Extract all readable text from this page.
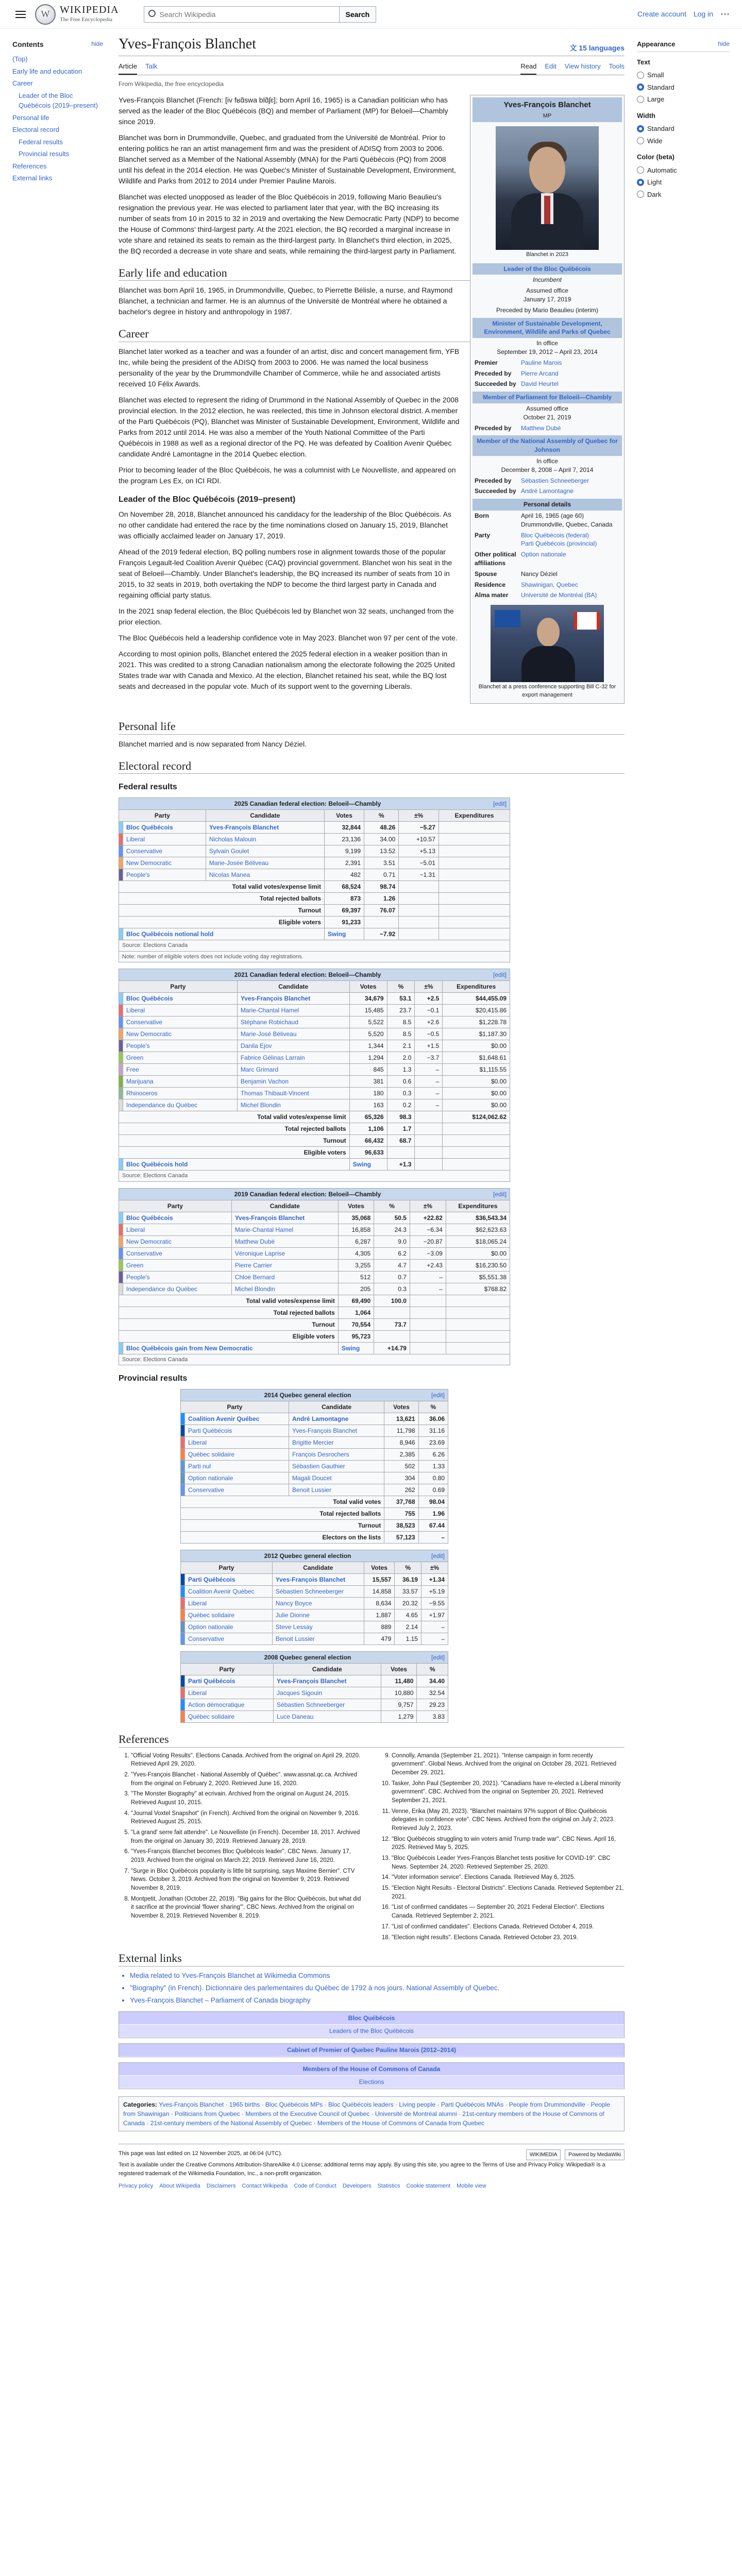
W WIKIPEDIA
The Free Encyclopedia
Search Wikipedia
Search	Create account Log in ⋯
Contents	hide
(Top)
Early life and education
Career
Leader of the Bloc Québécois (2019–present)
Personal life
Electoral record
Federal results
Provincial results
References
External links
Yves-François Blanchet	文 15 languages
Article Talk	Read Edit View history Tools
From Wikipedia, the free encyclopedia
Yves-François Blanchet
MP
Blanchet in 2023
Leader of the Bloc Québécois
Incumbent
Assumed office
January 17, 2019
Preceded by Mario Beaulieu (interim)
Minister of Sustainable Development, Environment, Wildlife and Parks of Quebec
In office
September 19, 2012 – April 23, 2014
Premier	Pauline Marois
Preceded by	Pierre Arcand
Succeeded by David Heurtel
Member of Parliament for Beloeil—Chambly
Assumed office
October 21, 2019
Preceded by	Matthew Dubé
Member of the National Assembly of Quebec for Johnson
In office
December 8, 2008 – April 7, 2014
Preceded by	Sébastien Schneeberger
Succeeded by André Lamontagne
Personal details
Born	April 16, 1965 (age 60)
Drummondville, Quebec, Canada
Party	Bloc Québécois (federal)
Parti Québécois (provincial)
Other political affiliations
Option nationale
Spouse	Nancy Déziel
Residence	Shawinigan, Quebec
Alma mater	Université de Montréal (BA)
Blanchet at a press conference supporting Bill C-32 for export management

Yves-François Blanchet (French: [iv fʁɑ̃swa blɑ̃ʃɛ]; born April 16, 1965) is a Canadian politician who has served as the leader of the Bloc Québécois (BQ) and member of Parliament (MP) for Beloeil—Chambly since 2019.

Blanchet was born in Drummondville, Quebec, and graduated from the Université de Montréal. Prior to entering politics he ran an artist management firm and was the president of ADISQ from 2003 to 2006. Blanchet served as a Member of the National Assembly (MNA) for the Parti Québécois (PQ) from 2008 until his defeat in the 2014 election. He was Quebec's Minister of Sustainable Development, Environment, Wildlife and Parks from 2012 to 2014 under Premier Pauline Marois.

Blanchet was elected unopposed as leader of the Bloc Québécois in 2019, following Mario Beaulieu's resignation the previous year. He was elected to parliament later that year, with the BQ increasing its number of seats from 10 in 2015 to 32 in 2019 and overtaking the New Democratic Party (NDP) to become the House of Commons' third-largest party. At the 2021 election, the BQ recorded a marginal increase in vote share and retained its seats to remain as the third-largest party. In Blanchet's third election, in 2025, the BQ recorded a decrease in vote share and seats, while remaining the third-largest party in Parliament.

Early life and education

Blanchet was born April 16, 1965, in Drummondville, Quebec, to Pierrette Bélisle, a nurse, and Raymond Blanchet, a technician and farmer. He is an alumnus of the Université de Montréal where he obtained a bachelor's degree in history and anthropology in 1987.

Career

Blanchet later worked as a teacher and was a founder of an artist, disc and concert management firm, YFB Inc, while being the president of the ADISQ from 2003 to 2006. He was named the local business personality of the year by the Drummondville Chamber of Commerce, while he and associated artists received 10 Félix Awards.

Blanchet was elected to represent the riding of Drummond in the National Assembly of Quebec in the 2008 provincial election. In the 2012 election, he was reelected, this time in Johnson electoral district. A member of the Parti Québécois (PQ), Blanchet was Minister of Sustainable Development, Environment, Wildlife and Parks from 2012 until 2014. He was also a member of the Youth National Committee of the Parti Québécois in 1988 as well as a regional director of the PQ. He was defeated by Coalition Avenir Québec candidate André Lamontagne in the 2014 Quebec election.

Prior to becoming leader of the Bloc Québécois, he was a columnist with Le Nouvelliste, and appeared on the program Les Ex, on ICI RDI.

Leader of the Bloc Québécois (2019–present)

On November 28, 2018, Blanchet announced his candidacy for the leadership of the Bloc Québécois. As no other candidate had entered the race by the time nominations closed on January 15, 2019, Blanchet was officially acclaimed leader on January 17, 2019.

Ahead of the 2019 federal election, BQ polling numbers rose in alignment towards those of the popular François Legault-led Coalition Avenir Québec (CAQ) provincial government. Blanchet won his seat in the seat of Beloeil—Chambly. Under Blanchet's leadership, the BQ increased its number of seats from 10 in 2015, to 32 seats in 2019, both overtaking the NDP to become the third largest party in Canada and regaining official party status.

In the 2021 snap federal election, the Bloc Québécois led by Blanchet won 32 seats, unchanged from the prior election.

The Bloc Québécois held a leadership confidence vote in May 2023. Blanchet won 97 per cent of the vote.

According to most opinion polls, Blanchet entered the 2025 federal election in a weaker position than in 2021. This was credited to a strong Canadian nationalism among the electorate following the 2025 United States trade war with Canada and Mexico. At the election, Blanchet retained his seat, while the BQ lost seats and decreased in the popular vote. Much of its support went to the governing Liberals.

Personal life

Blanchet married and is now separated from Nancy Déziel.

Electoral record
Federal results
2025 Canadian federal election: Beloeil—Chambly [edit]						

Party		Candidate	Votes	%	±%	Expenditures
	Bloc Québécois	Yves-François Blanchet	32,844	48.26	−5.27	
	Liberal	Nicholas Malouin	23,136	34.00	+10.57	
	Conservative	Sylvain Goulet	9,199	13.52	+5.13	
	New Democratic	Marie-Josée Béliveau	2,391	3.51	−5.01	
	People's	Nicolas Manea	482	0.71	−1.31	
Total valid votes/expense limit			68,524	98.74		
Total rejected ballots			873	1.26		
Turnout			69,397	76.07		
Eligible voters			91,233			
	Bloc Québécois notional hold		Swing	−7.92		
Source: Elections Canada						
Note: number of eligible voters does not include voting day registrations.						
2021 Canadian federal election: Beloeil—Chambly [edit]						

Party		Candidate	Votes	%	±%	Expenditures
	Bloc Québécois	Yves-François Blanchet	34,679	53.1	+2.5	$44,455.09
	Liberal	Marie-Chantal Hamel	15,485	23.7	−0.1	$20,415.86
	Conservative	Stéphane Robichaud	5,522	8.5	+2.6	$1,228.78
	New Democratic	Marie-José Béliveau	5,520	8.5	−0.5	$1,187.30
	People's	Danila Ejov	1,344	2.1	+1.5	$0.00
	Green	Fabrice Gélinas Larrain	1,294	2.0	−3.7	$1,648.61
	Free	Marc Grimard	845	1.3	–	$1,115.55
	Marijuana	Benjamin Vachon	381	0.6	–	$0.00
	Rhinoceros	Thomas Thibault-Vincent	180	0.3	–	$0.00
	Independance du Québec	Michel Blondin	163	0.2	–	$0.00
Total valid votes/expense limit			65,326	98.3		$124,062.62
Total rejected ballots			1,106	1.7		
Turnout			66,432	68.7		
Eligible voters			96,633			
	Bloc Québécois hold		Swing	+1.3		
Source: Elections Canada						
2019 Canadian federal election: Beloeil—Chambly [edit]						

Party		Candidate	Votes	%	±%	Expenditures
	Bloc Québécois	Yves-François Blanchet	35,068	50.5	+22.82	$36,543.34
	Liberal	Marie-Chantal Hamel	16,858	24.3	−6.34	$62,623.63
	New Democratic	Matthew Dubé	6,287	9.0	−20.87	$18,065.24
	Conservative	Véronique Laprise	4,305	6.2	−3.09	$0.00
	Green	Pierre Carrier	3,255	4.7	+2.43	$16,230.50
	People's	Chloé Bernard	512	0.7	–	$5,551.38
	Independance du Québec	Michel Blondin	205	0.3	–	$768.82
Total valid votes/expense limit			69,490	100.0		
Total rejected ballots			1,064			
Turnout			70,554	73.7		
Eligible voters			95,723			
	Bloc Québécois gain from New Democratic		Swing	+14.79		
Source: Elections Canada						
Provincial results
2014 Quebec general election [edit]				

Party		Candidate	Votes	%
	Coalition Avenir Québec	André Lamontagne	13,621	36.06
	Parti Québécois	Yves-François Blanchet	11,798	31.16
	Liberal	Brigitte Mercier	8,946	23.69
	Québec solidaire	François Desrochers	2,385	6.26
	Parti nul	Sébastien Gauthier	502	1.33
	Option nationale	Magali Doucet	304	0.80
	Conservative	Benoit Lussier	262	0.69
Total valid votes			37,768	98.04
Total rejected ballots			755	1.96
Turnout			38,523	67.44
Electors on the lists			57,123	–
2012 Quebec general election [edit]					

Party		Candidate	Votes	%	±%
	Parti Québécois	Yves-François Blanchet	15,557	36.19	+1.34
	Coalition Avenir Québec	Sébastien Schneeberger	14,858	33.57	+5.19
	Liberal	Nancy Boyce	8,634	20.32	−9.55
	Québec solidaire	Julie Dionne	1,887	4.65	+1.97
	Option nationale	Steve Lessay	889	2.14	–
	Conservative	Benoit Lussier	479	1.15	–
2008 Quebec general election [edit]				

Party		Candidate	Votes	%
	Parti Québécois	Yves-François Blanchet	11,480	34.40
	Liberal	Jacques Sigouin	10,880	32.54
	Action démocratique	Sébastien Schneeberger	9,757	29.23
	Québec solidaire	Luce Daneau	1,279	3.83
References
1. "Official Voting Results". Elections Canada. Archived from the original on April 29, 2020. Retrieved April 29, 2020.
2. "Yves-François Blanchet - National Assembly of Québec". www.assnat.qc.ca. Archived from the original on February 2, 2020. Retrieved June 16, 2020.
3. "The Monster Biography" at ecrivain. Archived from the original on August 24, 2015. Retrieved August 10, 2015.
4. "Journal Voxtel Snapshot" (in French). Archived from the original on November 9, 2016. Retrieved August 25, 2015.
5. "La grand' serre fait attendre". Le Nouvelliste (in French). December 18, 2017. Archived from the original on January 30, 2019. Retrieved January 28, 2019.
6. "Yves-François Blanchet becomes Bloc Québécois leader". CBC News. January 17, 2019. Archived from the original on March 22, 2019. Retrieved June 16, 2020.
7. "Surge in Bloc Québécois popularity is little bit surprising, says Maxime Bernier". CTV News. October 3, 2019. Archived from the original on November 9, 2019. Retrieved November 8, 2019.
8. Montpetit, Jonathan (October 22, 2019). "Big gains for the Bloc Québécois, but what did it sacrifice at the provincial 'flower sharing'". CBC News. Archived from the original on November 8, 2019. Retrieved November 8, 2019.
9. Connolly, Amanda (September 21, 2021). "Intense campaign in form recently government". Global News. Archived from the original on October 28, 2021. Retrieved December 29, 2021.
10. Tasker, John Paul (September 20, 2021). "Canadians have re-elected a Liberal minority government". CBC. Archived from the original on September 20, 2021. Retrieved September 21, 2021.
11. Venne, Erika (May 20, 2023). "Blanchet maintains 97% support of Bloc Québécois delegates in confidence vote". CBC News. Archived from the original on July 2, 2023. Retrieved July 2, 2023.
12. "Bloc Québécois struggling to win voters amid Trump trade war". CBC News. April 16, 2025. Retrieved May 5, 2025.
13. "Bloc Québécois Leader Yves-François Blanchet tests positive for COVID-19". CBC News. September 24, 2020. Retrieved September 25, 2020.
14. "Voter information service". Elections Canada. Retrieved May 6, 2025.
15. "Election Night Results - Electoral Districts". Elections Canada. Retrieved September 21, 2021.
16. "List of confirmed candidates — September 20, 2021 Federal Election". Elections Canada. Retrieved September 2, 2021.
17. "List of confirmed candidates". Elections Canada. Retrieved October 4, 2019.
18. "Election night results". Elections Canada. Retrieved October 23, 2019.
External links
• Media related to Yves-François Blanchet at Wikimedia Commons
• "Biography" (in French). Dictionnaire des parlementaires du Québec de 1792 à nos jours. National Assembly of Quebec.
• Yves-François Blanchet – Parliament of Canada biography
Bloc Québécois
Leaders of the Bloc Québécois
Cabinet of Premier of Quebec Pauline Marois (2012–2014)
Members of the House of Commons of Canada
Elections
Categories: Yves-François Blanchet · 1965 births · Bloc Québécois MPs · Bloc Québécois leaders · Living people · Parti Québécois MNAs · People from Drummondville · People from Shawinigan · Politicians from Quebec · Members of the Executive Council of Quebec · Université de Montréal alumni · 21st-century members of the House of Commons of Canada · 21st-century members of the National Assembly of Quebec · Members of the House of Commons of Canada from Quebec
WIKIMEDIA	Powered by MediaWiki
This page was last edited on 12 November 2025, at 06:04 (UTC).
Text is available under the Creative Commons Attribution-ShareAlike 4.0 License; additional terms may apply. By using this site, you agree to the Terms of Use and Privacy Policy. Wikipedia® is a registered trademark of the Wikimedia Foundation, Inc., a non-profit organization.
Privacy policy About Wikipedia Disclaimers Contact Wikipedia Code of Conduct Developers Statistics Cookie statement Mobile view
Appearance	hide
Text
Small
Standard
Large
Width
Standard
Wide
Color (beta)
Automatic
Light
Dark
